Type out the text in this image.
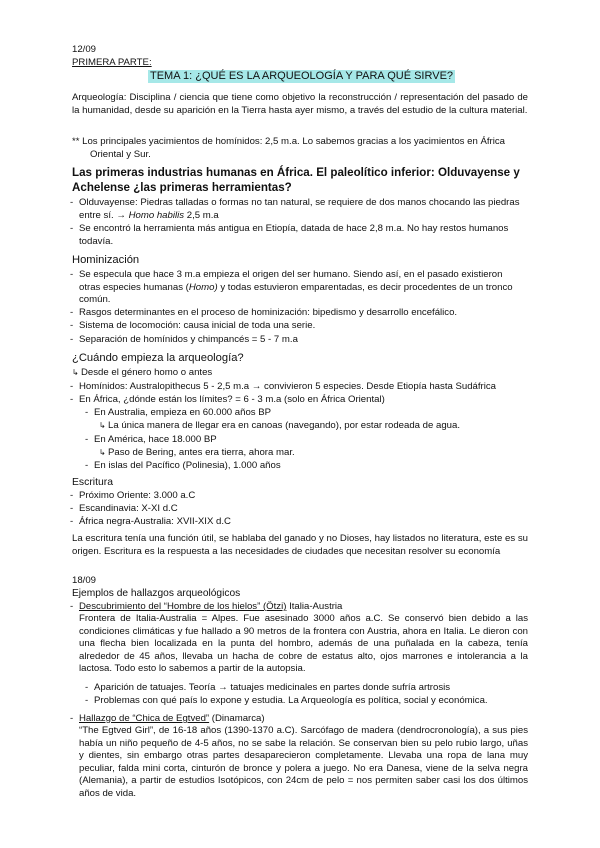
12/09

PRIMERA PARTE:

TEMA 1: ¿QUÉ ES LA ARQUEOLOGÍA Y PARA QUÉ SIRVE?

Arqueología: Disciplina / ciencia que tiene como objetivo la reconstrucción / representación del pasado de la humanidad, desde su aparición en la Tierra hasta ayer mismo, a través del estudio de la cultura material.

** Los principales yacimientos de homínidos: 2,5 m.a. Lo sabemos gracias a los yacimientos en África
Oriental y Sur.

Las primeras industrias humanas en África. El paleolítico inferior: Olduvayense y

Achelense ¿las primeras herramientas?

- Olduvayense: Piedras talladas o formas no tan natural, se requiere de dos manos chocando las piedras
entre sí. → Homo habilis 2,5 m.a

- Se encontró la herramienta más antigua en Etiopía, datada de hace 2,8 m.a. No hay restos humanos
todavía.

Hominización

- Se especula que hace 3 m.a empieza el origen del ser humano. Siendo así, en el pasado existieron
otras especies humanas (Homo) y todas estuvieron emparentadas, es decir procedentes de un tronco
común.

- Rasgos determinantes en el proceso de hominización: bipedismo y desarrollo encefálico.

- Sistema de locomoción: causa inicial de toda una serie.

- Separación de homínidos y chimpancés = 5 - 7 m.a

¿Cuándo empieza la arqueología?

↳ Desde el género homo o antes

- Homínidos: Australopithecus 5 - 2,5 m.a → convivieron 5 especies. Desde Etiopía hasta Sudáfrica

- En África, ¿dónde están los límites? = 6 - 3 m.a (solo en África Oriental)

- En Australia, empieza en 60.000 años BP

↳ La única manera de llegar era en canoas (navegando), por estar rodeada de agua.

- En América, hace 18.000 BP

↳ Paso de Bering, antes era tierra, ahora mar.

- En islas del Pacífico (Polinesia), 1.000 años

Escritura

- Próximo Oriente: 3.000 a.C

- Escandinavia: X-XI d.C

- África negra-Australia: XVII-XIX d.C

La escritura tenía una función útil, se hablaba del ganado y no Dioses, hay listados no literatura, este es su origen. Escritura es la respuesta a las necesidades de ciudades que necesitan resolver su economía

18/09

Ejemplos de hallazgos arqueológicos

- Descubrimiento del “Hombre de los hielos” (Ötzi) Italia-Austria

Frontera de Italia-Australia = Alpes. Fue asesinado 3000 años a.C. Se conservó bien debido a las condiciones climáticas y fue hallado a 90 metros de la frontera con Austria, ahora en Italia. Le dieron con una flecha bien localizada en la punta del hombro, además de una puñalada en la cabeza, tenía alrededor de 45 años, llevaba un hacha de cobre de estatus alto, ojos marrones e intolerancia a la lactosa. Todo esto lo sabemos a partir de la autopsia.

- Aparición de tatuajes. Teoría → tatuajes medicinales en partes donde sufría artrosis

- Problemas con qué país lo expone y estudia. La Arqueología es política, social y económica.

- Hallazgo de “Chica de Egtved” (Dinamarca)

“The Egtved Girl”, de 16-18 años (1390-1370 a.C). Sarcófago de madera (dendrocronología), a sus pies había un niño pequeño de 4-5 años, no se sabe la relación. Se conservan bien su pelo rubio largo, uñas y dientes, sin embargo otras partes desaparecieron completamente. Llevaba una ropa de lana muy peculiar, falda mini corta, cinturón de bronce y polera a juego. No era Danesa, viene de la selva negra (Alemania), a partir de estudios Isotópicos, con 24cm de pelo = nos permiten saber casi los dos últimos años de vida.
